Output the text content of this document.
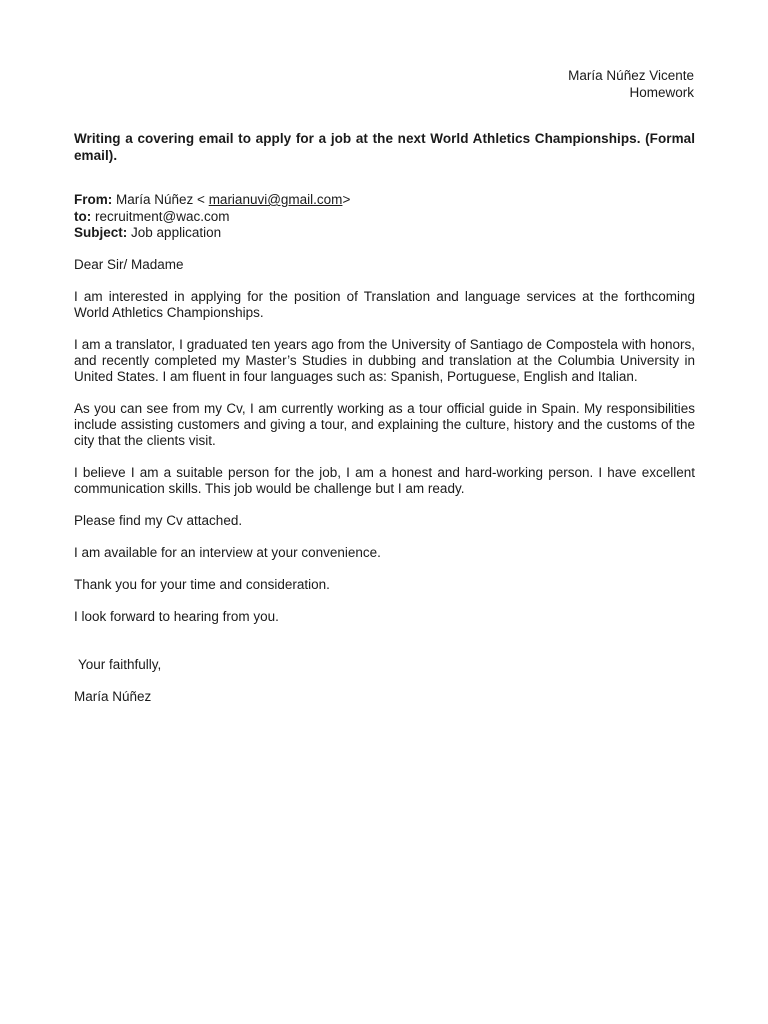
María Núñez Vicente
Homework
Writing a covering email to apply for a job at the next World Athletics Championships. (Formal email).
From: María Núñez < marianuvi@gmail.com>
to: recruitment@wac.com
Subject: Job application

Dear Sir/ Madame

I am interested in applying for the position of Translation and language services at the forthcoming World Athletics Championships.

I am a translator, I graduated ten years ago from the University of Santiago de Compostela with honors, and recently completed my Master’s Studies in dubbing and translation at the Columbia University in United States. I am fluent in four languages such as: Spanish, Portuguese, English and Italian.

As you can see from my Cv, I am currently working as a tour official guide in Spain. My responsibilities include assisting customers and giving a tour, and explaining the culture, history and the customs of the city that the clients visit.

I believe I am a suitable person for the job, I am a honest and hard-working person. I have excellent communication skills. This job would be challenge but I am ready.

Please find my Cv attached.

I am available for an interview at your convenience.

Thank you for your time and consideration.

I look forward to hearing from you.

Your faithfully,

María Núñez
